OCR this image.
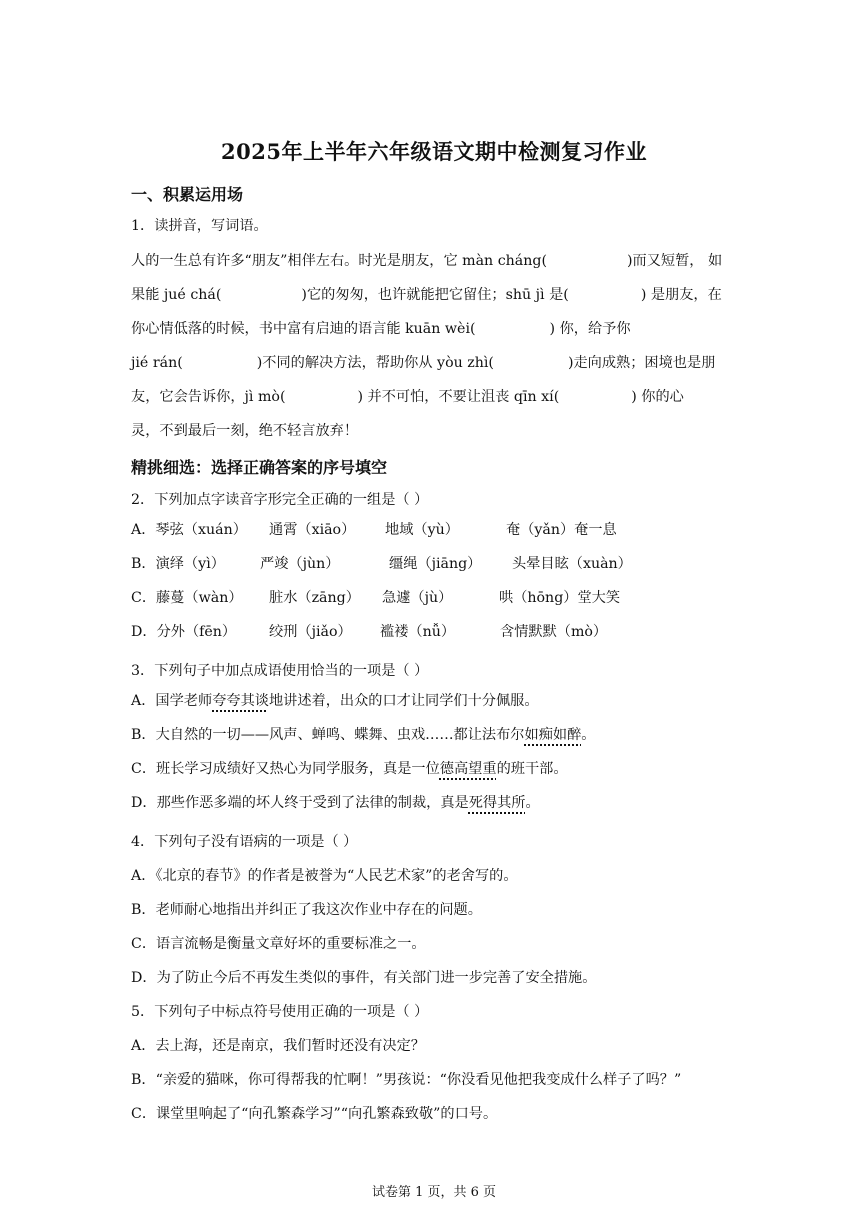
2025年上半年六年级语文期中检测复习作业
一、积累运用场
1．读拼音，写词语。
人的一生总有许多“朋友”相伴左右。时光是朋友，它 màn cháng(	)而又短暂， 如
果能 jué chá(	)它的匆匆，也许就能把它留住；shū jì 是(	) 是朋友，在
你心情低落的时候，书中富有启迪的语言能 kuān wèi(	) 你，给予你
jié rán(	)不同的解决方法，帮助你从 yòu zhì(	)走向成熟；困境也是朋
友，它会告诉你，jì mò(	) 并不可怕，不要让沮丧 qīn xí(	) 你的心
灵，不到最后一刻，绝不轻言放弃！
精挑细选：选择正确答案的序号填空
2．下列加点字读音字形完全正确的一组是（ ）
A．琴弦（xuán） 通霄（xiāo） 地域（yù）	奄（yǎn）奄一息
B．演绎（yì） 严竣（jùn）	缰绳（jiāng） 头晕目眩（xuàn）
C．藤蔓（wàn） 脏水（zāng） 急遽（jù）	哄（hōng）堂大笑
D．分外（fēn） 绞刑（jiǎo） 褴褛（nǚ）	含情默默（mò）
3．下列句子中加点成语使用恰当的一项是（ ）
A．国学老师夸夸其谈地讲述着，出众的口才让同学们十分佩服。
B．大自然的一切——风声、蝉鸣、蝶舞、虫戏……都让法布尔如痴如醉。
C．班长学习成绩好又热心为同学服务，真是一位德高望重的班干部。
D．那些作恶多端的坏人终于受到了法律的制裁，真是死得其所。
4．下列句子没有语病的一项是（ ）
A．《北京的春节》的作者是被誉为“人民艺术家”的老舍写的。
B．老师耐心地指出并纠正了我这次作业中存在的问题。
C．语言流畅是衡量文章好坏的重要标准之一。
D．为了防止今后不再发生类似的事件，有关部门进一步完善了安全措施。
5．下列句子中标点符号使用正确的一项是（ ）
A．去上海，还是南京，我们暂时还没有决定？
B．“亲爱的猫咪，你可得帮我的忙啊！”男孩说：“你没看见他把我变成什么样子了吗？”
C．课堂里响起了“向孔繁森学习”“向孔繁森致敬”的口号。
试卷第 1 页，共 6 页
